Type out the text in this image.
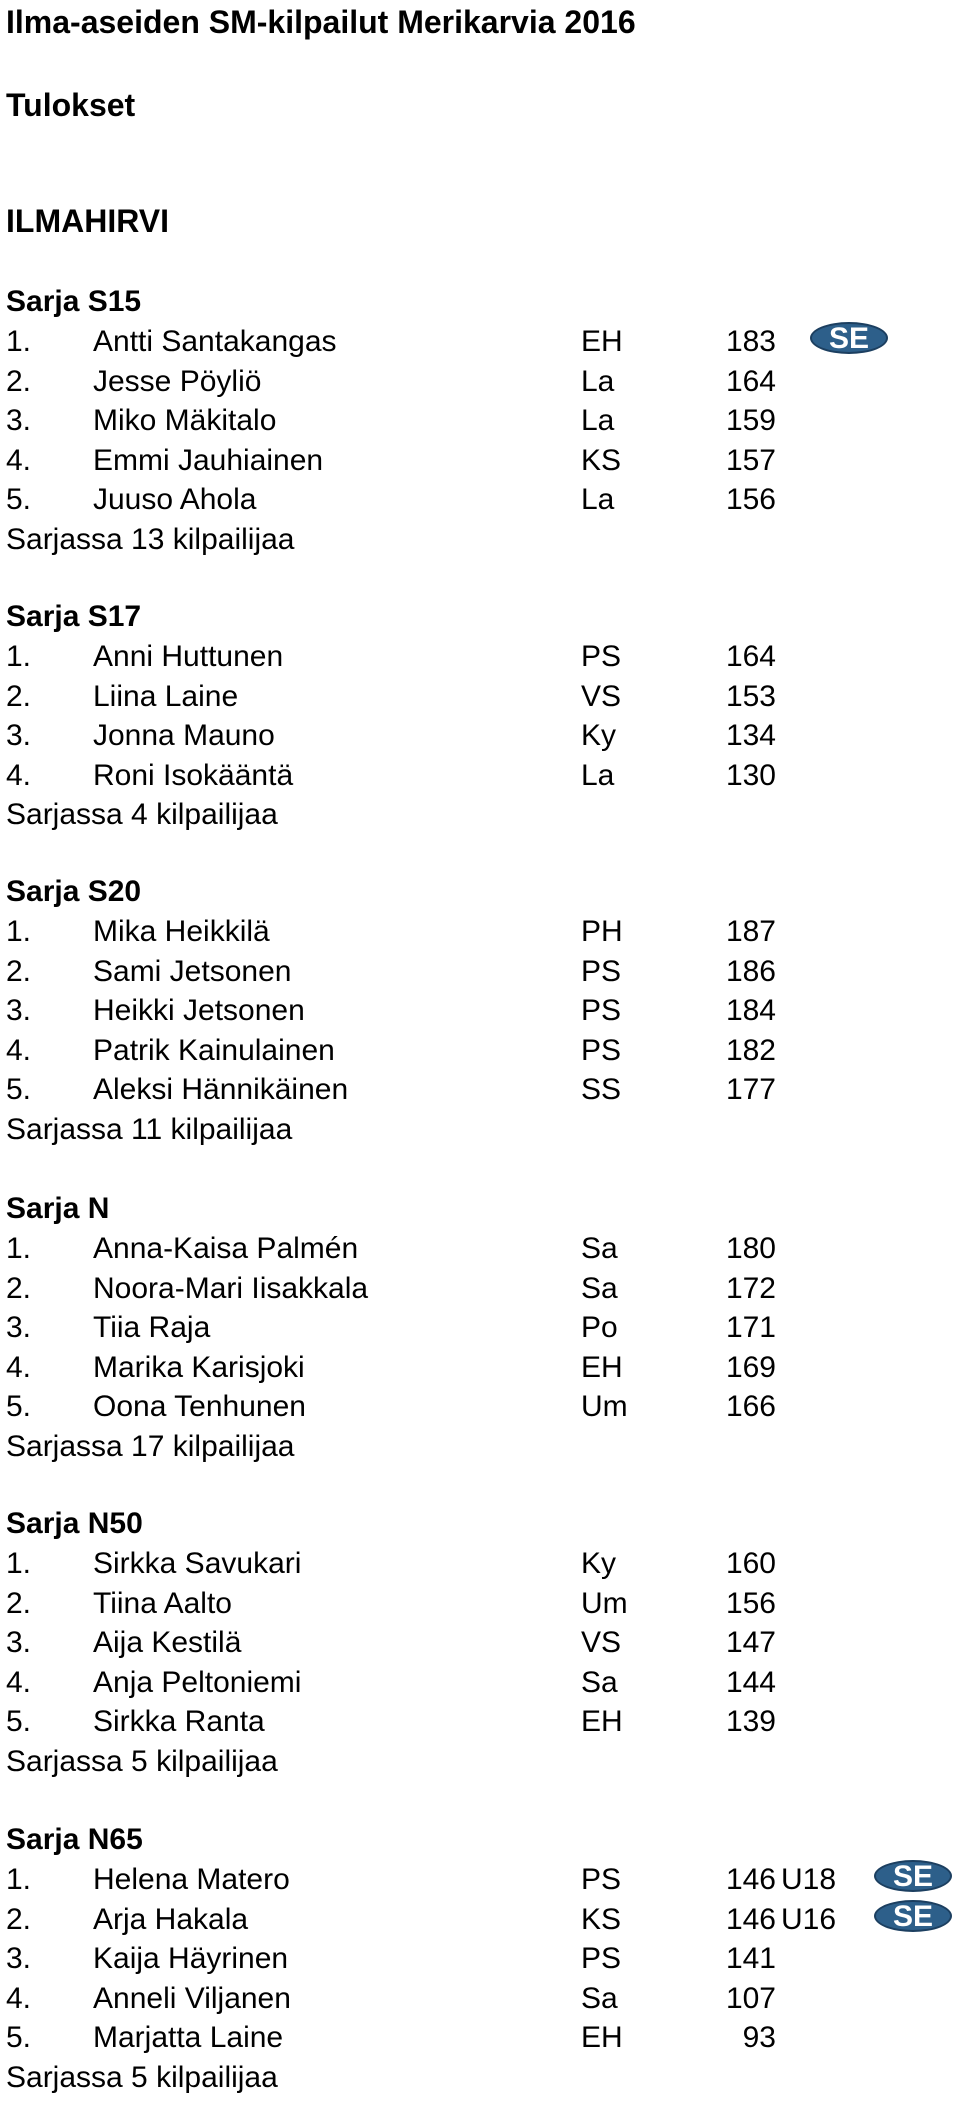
Ilma-aseiden SM-kilpailut Merikarvia 2016
Tulokset
ILMAHIRVI
Sarja S15
1. Antti Santakangas	EH	183	SE
2. Jesse Pöyliö	La	164
3. Miko Mäkitalo	La	159
4. Emmi Jauhiainen	KS	157
5. Juuso Ahola	La	156
Sarjassa 13 kilpailijaa
Sarja S17
1. Anni Huttunen	PS	164
2. Liina Laine	VS	153
3. Jonna Mauno	Ky	134
4. Roni Isokääntä	La	130
Sarjassa 4 kilpailijaa
Sarja S20
1. Mika Heikkilä	PH	187
2. Sami Jetsonen	PS	186
3. Heikki Jetsonen	PS	184
4. Patrik Kainulainen	PS	182
5. Aleksi Hännikäinen	SS	177
Sarjassa 11 kilpailijaa
Sarja N
1. Anna-Kaisa Palmén	Sa	180
2. Noora-Mari Iisakkala	Sa	172
3. Tiia Raja	Po	171
4. Marika Karisjoki	EH	169
5. Oona Tenhunen	Um	166
Sarjassa 17 kilpailijaa
Sarja N50
1. Sirkka Savukari	Ky	160
2. Tiina Aalto	Um	156
3. Aija Kestilä	VS	147
4. Anja Peltoniemi	Sa	144
5. Sirkka Ranta	EH	139
Sarjassa 5 kilpailijaa
Sarja N65
1. Helena Matero	PS	146 U18	SE
2. Arja Hakala	KS	146 U16	SE
3. Kaija Häyrinen	PS	141
4. Anneli Viljanen	Sa	107
5. Marjatta Laine	EH	93
Sarjassa 5 kilpailijaa
